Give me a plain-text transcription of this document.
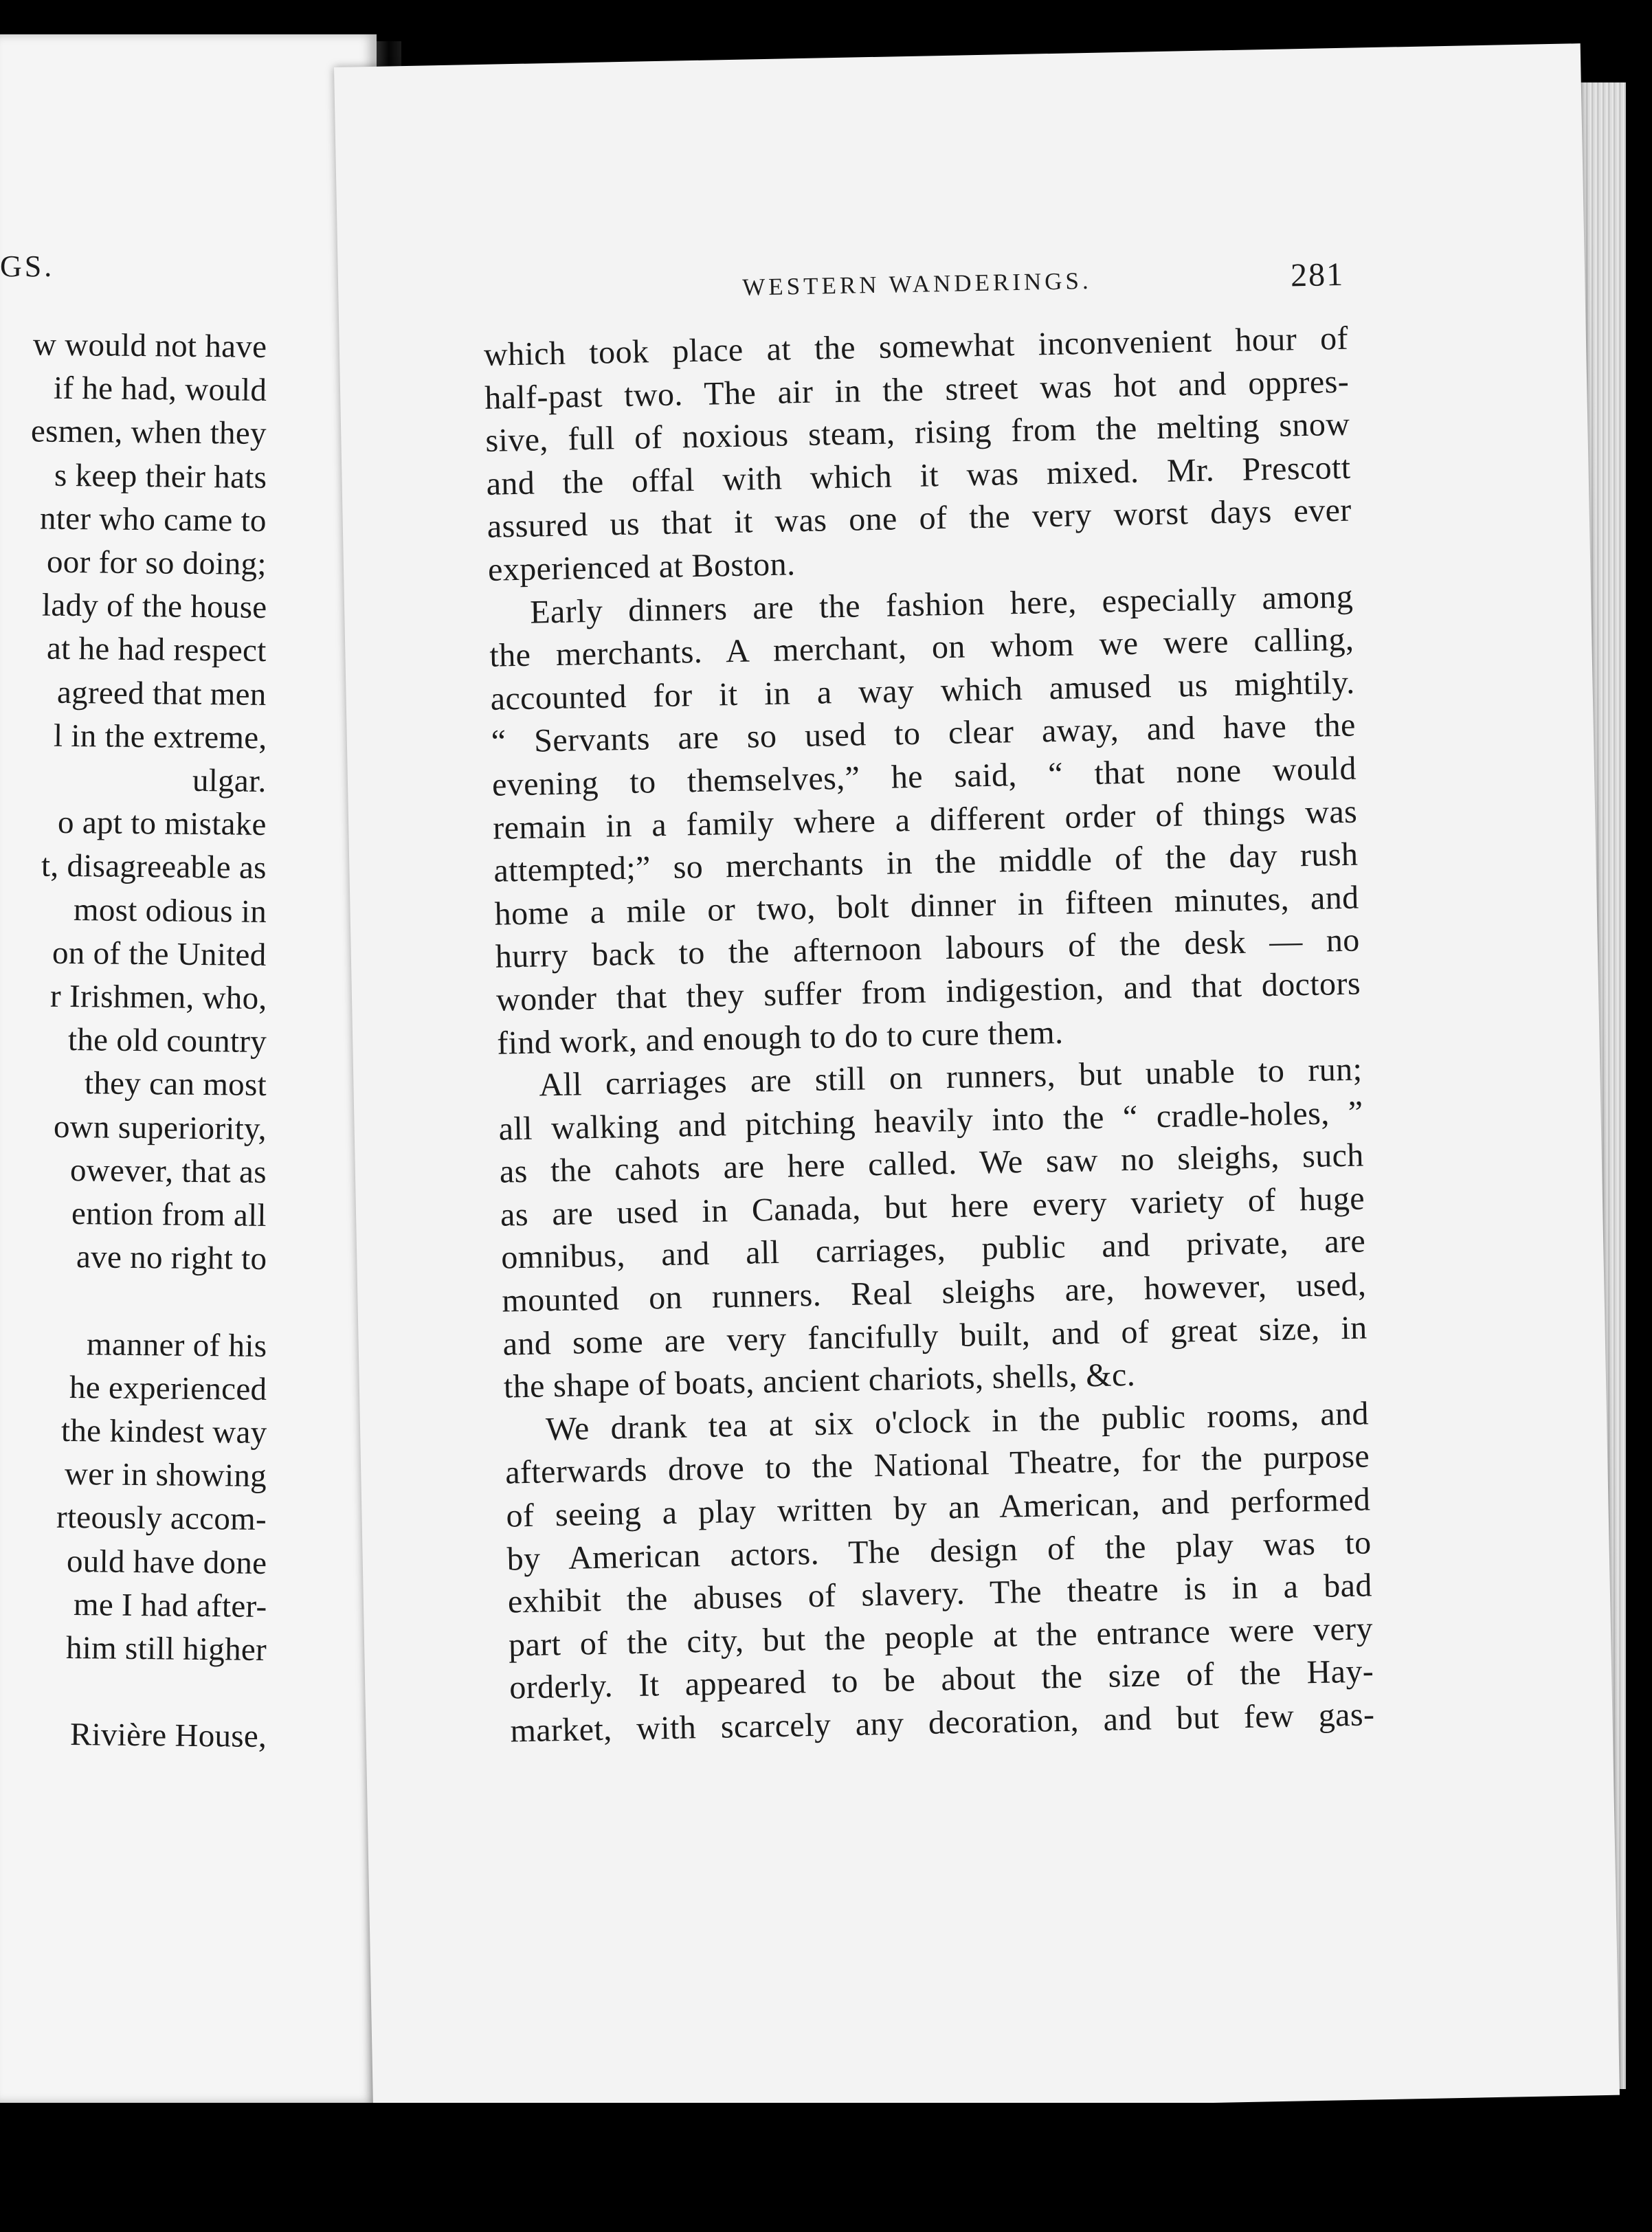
GS.
w would not have
if he had, would
esmen, when they
s keep their hats
nter who came to
oor for so doing;
lady of the house
at he had respect
agreed that men
l in the extreme,
ulgar.
o apt to mistake
t, disagreeable as
most odious in
on of the United
r Irishmen, who,
the old country
they can most
own superiority,
owever, that as
ention from all
ave no right to
manner of his
he experienced
the kindest way
wer in showing
rteously accom-
ould have done
me I had after-
him still higher
Rivière House,
WESTERN WANDERINGS.	281
which took place at the somewhat inconvenient hour of
half-past two. The air in the street was hot and oppres-
sive, full of noxious steam, rising from the melting snow
and the offal with which it was mixed. Mr. Prescott
assured us that it was one of the very worst days ever
experienced at Boston.
Early dinners are the fashion here, especially among
the merchants. A merchant, on whom we were calling,
accounted for it in a way which amused us mightily.
“ Servants are so used to clear away, and have the
evening to themselves,” he said, “ that none would
remain in a family where a different order of things was
attempted;” so merchants in the middle of the day rush
home a mile or two, bolt dinner in fifteen minutes, and
hurry back to the afternoon labours of the desk — no
wonder that they suffer from indigestion, and that doctors
find work, and enough to do to cure them.
All carriages are still on runners, but unable to run;
all walking and pitching heavily into the “ cradle-holes, ”
as the cahots are here called. We saw no sleighs, such
as are used in Canada, but here every variety of huge
omnibus, and all carriages, public and private, are
mounted on runners. Real sleighs are, however, used,
and some are very fancifully built, and of great size, in
the shape of boats, ancient chariots, shells, &c.
We drank tea at six o'clock in the public rooms, and
afterwards drove to the National Theatre, for the purpose
of seeing a play written by an American, and performed
by American actors. The design of the play was to
exhibit the abuses of slavery. The theatre is in a bad
part of the city, but the people at the entrance were very
orderly. It appeared to be about the size of the Hay-
market, with scarcely any decoration, and but few gas-
